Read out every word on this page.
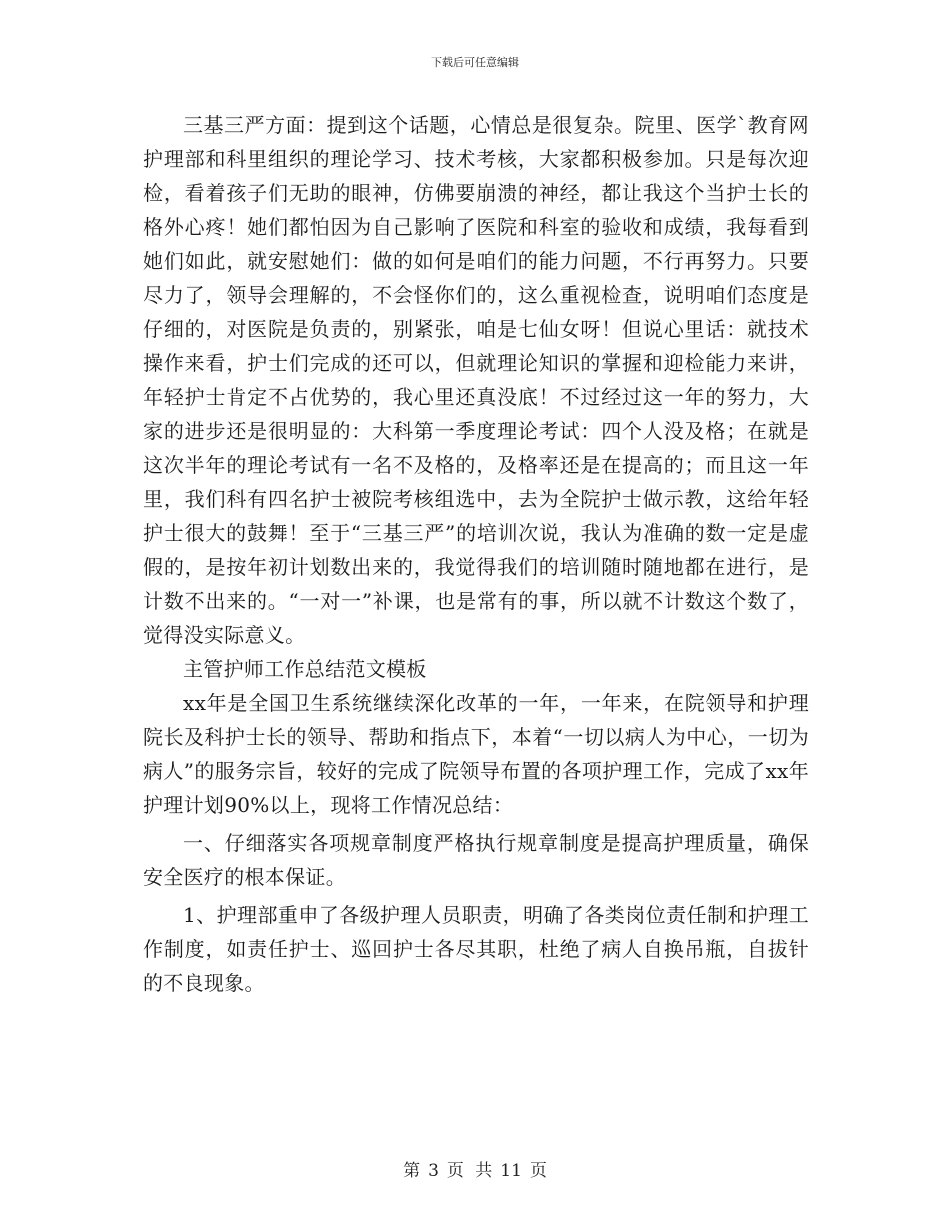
下载后可任意编辑

三基三严方面：提到这个话题，心情总是很复杂。院里、医学`教育网护理部和科里组织的理论学习、技术考核，大家都积极参加。只是每次迎检，看着孩子们无助的眼神，仿佛要崩溃的神经，都让我这个当护士长的格外心疼！她们都怕因为自己影响了医院和科室的验收和成绩，我每看到她们如此，就安慰她们：做的如何是咱们的能力问题，不行再努力。只要尽力了，领导会理解的，不会怪你们的，这么重视检查，说明咱们态度是仔细的，对医院是负责的，别紧张，咱是七仙女呀！但说心里话：就技术操作来看，护士们完成的还可以，但就理论知识的掌握和迎检能力来讲，年轻护士肯定不占优势的，我心里还真没底！不过经过这一年的努力，大家的进步还是很明显的：大科第一季度理论考试：四个人没及格；在就是这次半年的理论考试有一名不及格的，及格率还是在提高的；而且这一年里，我们科有四名护士被院考核组选中，去为全院护士做示教，这给年轻护士很大的鼓舞！至于“三基三严”的培训次说，我认为准确的数一定是虚假的，是按年初计划数出来的，我觉得我们的培训随时随地都在进行，是计数不出来的。“一对一”补课，也是常有的事，所以就不计数这个数了，觉得没实际意义。

主管护师工作总结范文模板

xx年是全国卫生系统继续深化改革的一年，一年来，在院领导和护理院长及科护士长的领导、帮助和指点下，本着“一切以病人为中心，一切为病人”的服务宗旨，较好的完成了院领导布置的各项护理工作，完成了xx年护理计划90%以上，现将工作情况总结：

一、仔细落实各项规章制度严格执行规章制度是提高护理质量，确保安全医疗的根本保证。

1、护理部重申了各级护理人员职责，明确了各类岗位责任制和护理工作制度，如责任护士、巡回护士各尽其职，杜绝了病人自换吊瓶，自拔针的不良现象。

第 3 页 共 11 页
